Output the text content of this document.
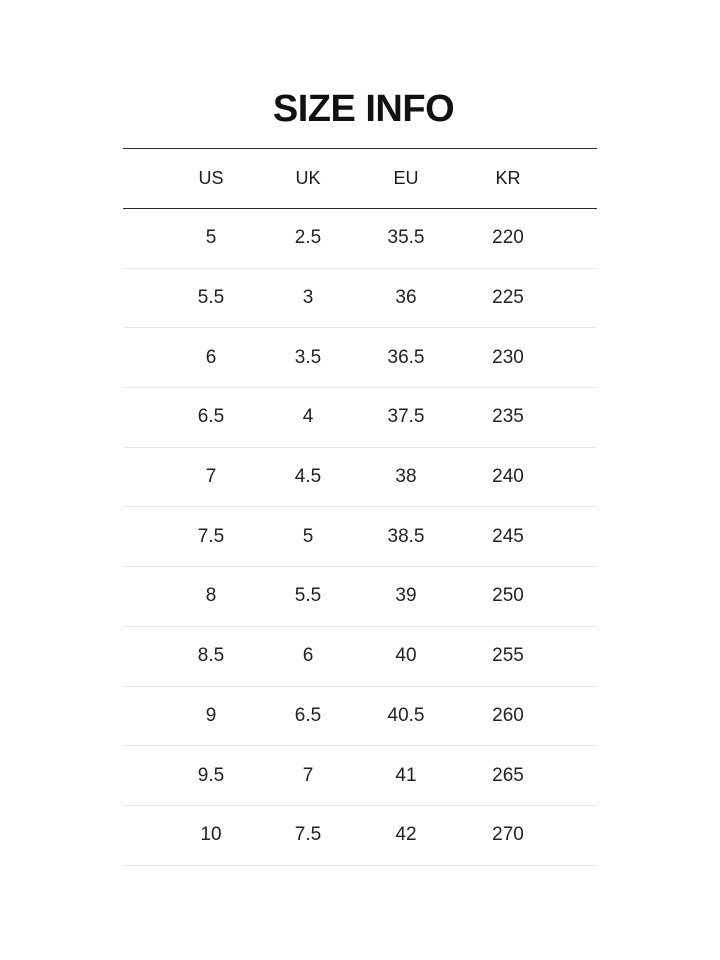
SIZE INFO
US	UK	EU	KR
5	2.5	35.5	220
5.5	3	36	225
6	3.5	36.5	230
6.5	4	37.5	235
7	4.5	38	240
7.5	5	38.5	245
8	5.5	39	250
8.5	6	40	255
9	6.5	40.5	260
9.5	7	41	265
10	7.5	42	270
